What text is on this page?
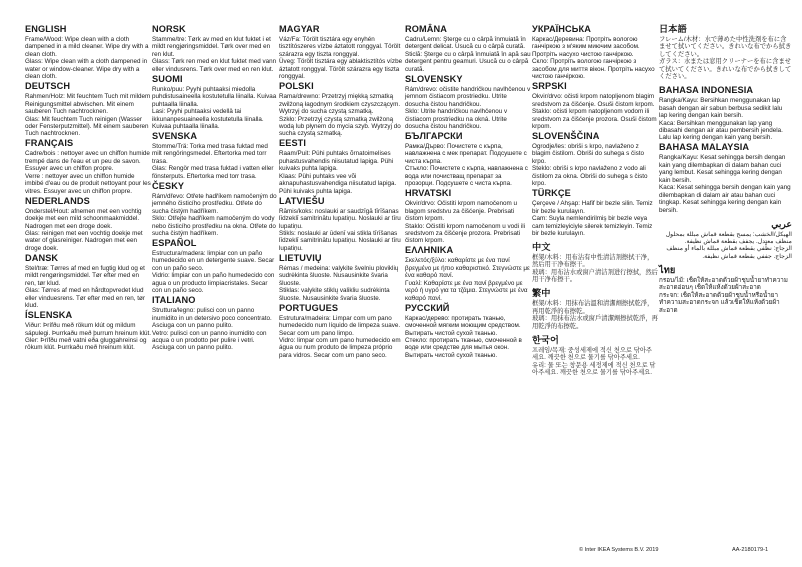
ENGLISH

Frame/Wood: Wipe clean with a cloth dampened in a mild cleaner. Wipe dry with a clean cloth.
Glass: Wipe clean with a cloth dampened in water or window-cleaner. Wipe dry with a clean cloth.

DEUTSCH

Rahmen/Holz: Mit feuchtem Tuch mit mildem Reinigungsmittel abwischen. Mit einem sauberen Tuch nachtrocknen.
Glas: Mit feuchtem Tuch reinigen (Wasser oder Fensterputzmittel). Mit einem sauberen Tuch nachtrocknen.

FRANÇAIS

Cadre/bois : nettoyer avec un chiffon humide trempé dans de l'eau et un peu de savon. Essuyer avec un chiffon propre.
Verre : nettoyer avec un chiffon humide imbibé d'eau ou de produit nettoyant pour les vitres. Essuyer avec un chiffon propre.

NEDERLANDS

Onderstel/Hout: afnemen met een vochtig doekje met een mild schoonmaakmiddel. Nadrogen met een droge doek.
Glas: reinigen met een vochtig doekje met water of glasreiniger. Nadrogen met een droge doek.

DANSK

Stel/træ: Tørres af med en fugtig klud og et mildt rengøringsmiddel. Tør efter med en ren, tør klud.
Glas: Tørres af med en hårdtopvredet klud eller vinduesrens. Tør efter med en ren, tør klud.

ÍSLENSKA

Viður: Þrífðu með rökum klút og mildum sápulegi. Þurrkaðu með þurrum hreinum klút.
Gler: Þrífðu með vatni eða gluggahreinsi og rökum klút. Þurrkaðu með hreinum klút.

NORSK

Stamme/tre: Tørk av med en klut fuktet i et mildt rengjøringsmiddel. Tørk over med en ren klut.
Glass: Tørk ren med en klut fuktet med vann eller vindusrens. Tørk over med en ren klut.

SUOMI

Runko/puu: Pyyhi puhtaaksi miedolla puhdistusaineella kostutetulla liinalla. Kuivaa puhtaalla liinalla.
Lasi: Pyyhi puhtaaksi vedellä tai ikkunanpesuaineella kostutetulla liinalla. Kuivaa puhtaalla liinalla.

SVENSKA

Stomme/Trä: Torka med trasa fuktad med milt rengöringsmedel. Eftertorka med torr trasa.
Glas: Rengör med trasa fuktad i vatten eller fönsterputs. Eftertorka med torr trasa.

ČESKY

Rám/dřevo: Otřete hadříkem namočeným do jemného čisticího prostředku. Otřete do sucha čistým hadříkem.
Sklo: Otřejte hadříkem namočeným do vody nebo čisticího prostředku na okna. Otřete do sucha čistým hadříkem.

ESPAÑOL

Estructura/madera: limpiar con un paño humedecido en un detergente suave. Secar con un paño seco.
Vidrio: limpiar con un paño humedecido con agua o un producto limpiacristales. Secar con un paño seco.

ITALIANO

Struttura/legno: pulisci con un panno inumidito in un detersivo poco concentrato. Asciuga con un panno pulito.
Vetro: pulisci con un panno inumidito con acqua o un prodotto per pulire i vetri. Asciuga con un panno pulito.

MAGYAR

Váz/Fa: Törölt tisztára egy enyhén tisztítószeres vízbe áztatott ronggyal. Törölt szárazra egy tiszta ronggyal.
Üveg: Törölt tisztára egy ablaktisztítós vízbe áztatott ronggyal. Törölt szárazra egy tiszta ronggyal.

POLSKI

Rama/drewno: Przetrzyj miękką szmatką zwilżoną łagodnym środkiem czyszczącym. Wytrzyj do sucha czystą szmatką.
Szkło: Przetrzyj czystą szmatką zwilżoną wodą lub płynem do mycia szyb. Wytrzyj do sucha czystą szmatką.

EESTI

Raam/Puit: Pühi puhtaks õrnatoimelises puhastusvahendis niisutatud lapiga. Pühi kuivaks puhta lapiga.
Klaas: Pühi puhtaks vee või aknapuhastusvahendiga niisutatud lapiga. Pühi kuivaks puhta lapiga.

LATVIEŠU

Rāmis/koks: noslauki ar saudzīgā tīrīšanas līdzeklī samitrinātu lupatiņu. Noslauki ar tīru lupatiņu.
Stikls: noslauki ar ūdenī vai stikla tīrīšanas līdzeklī samitrinātu lupatiņu. Noslauki ar tīru lupatiņu.

LIETUVIŲ

Rėmas / medeina: valykite švelniu ploviklių sudrėkinta šluoste. Nusausinkite švaria šluoste.
Stiklas: valykite stiklų valikliu sudrėkinta šluoste. Nusausinkite švaria šluoste.

PORTUGUES

Estrutura/madeira: Limpar com um pano humedecido num líquido de limpeza suave. Secar com um pano limpo.
Vidro: limpar com um pano humedecido em água ou num produto de limpeza próprio para vidros. Secar com um pano seco.

ROMÂNA

Cadru/Lemn: Şterge cu o cârpă înmuiată în detergent delicat. Usucă cu o cârpă curată.
Sticlă: Şterge cu o cârpă înmuiată în apă sau detergent pentru geamuri. Usucă cu o cârpă curată.

SLOVENSKY

Rám/drevo: očistite handričkou navlhčenou v jemnom čistiacom prostriedku. Utrite dosucha čistou handričkou.
Sklo: Utrite handričkou navlhčenou v čistiacom prostriedku na okná. Utrite dosucha čistou handričkou.

БЪЛГАРСКИ

Рамка/Дърво: Почистете с кърпа, навлажнена с мек препарат. Подсушете с чиста кърпа.
Стъкло: Почистете с кърпа, навлажнена с вода или почистващ препарат за прозорци. Подсушете с чиста кърпа.

HRVATSKI

Okvir/drvo: Očistiti krpom namočenom u blagom sredstvu za čišćenje. Prebrisati čistom krpom.
Staklo: Očistiti krpom namočenom u vodi ili sredstvom za čišćenje prozora. Prebrisati čistom krpom.

ΕΛΛΗΝΙΚΑ

Σκελετός/ξύλο: καθαρίστε με ένα πανί βρεγμένο με ήπιο καθαριστικό. Στεγνώστε με ένα καθαρό πανί.
Γυαλί: Καθαρίστε με ένα πανί βρεγμένο με νερό ή υγρό για τα τζάμια. Στεγνώστε με ένα καθαρό πανί.

РУССКИЙ

Каркас/дерево: протирать тканью, смоченной мягким моющим средством. Вытирать чистой сухой тканью.
Стекло: протирать тканью, смоченной в воде или средстве для мытья окон. Вытирать чистой сухой тканью.

УКРАЇНСЬКА

Каркас/Деревина: Протріть вологою ганчіркою з м'яким миючим засобом. Протріть насухо чистою ганчіркою.
Скло: Протріть вологою ганчіркою з засобом для миття вікон. Протріть насухо чистою ганчіркою.

SRPSKI

Okvir/drvo: očisti krpom natopljenom blagim sredstvom za čišćenje. Osuši čistom krpom.
Staklo: očisti krpom natopljenom vodom ili sredstvom za čišćenje prozora. Osuši čistom krpom.

SLOVENŠČINA

Ogrodje/les: obriši s krpo, navlaženo z blagim čistilom. Obriši do suhega s čisto krpo.
Steklo: obriši s krpo navlaženo z vodo ali čistilom za okna. Obriši do suhega s čisto krpo.

TÜRKÇE

Çerçeve / Ahşap: Hafif bir bezle silin. Temiz bir bezle kurulayın.
Cam: Suyla nemlendirilmiş bir bezle veya cam temizleyiciyle silerek temizleyin. Temiz bir bezle kurulayın.

中文

框架/木料：用布沾有中性清洁剂擦拭干净，然后用干净布擦干。
玻璃：用布沾水或窗户清洁剂进行擦拭，然后用干净布擦干。

繁中

框架/木料：用抹布沾溫和清潔劑擦拭乾淨，再用乾淨的布擦乾。
玻璃：用抹布沾水或窗戶清潔劑擦拭乾淨，再用乾淨的布擦乾。

한국어

프레임/목재: 중성세제에 적신 천으로 닦아주세요. 깨끗한 천으로 물기를 닦아주세요.
유리: 물 또는 창문용 세정제에 적신 천으로 닦아주세요. 깨끗한 천으로 물기를 닦아주세요.

日本語

フレーム/木材：水で薄めた中性洗剤を布に含ませて拭いてください。きれいな布でから拭きしてください。
ガラス：水または窓用クリーナーを布に含ませて拭いてください。きれいな布でから拭きしてください。

BAHASA INDONESIA

Rangka/Kayu: Bersihkan menggunakan lap basah dengan air sabun berbusa sedikit lalu lap kering dengan kain bersih.
Kaca: Bersihkan menggunakan lap yang dibasahi dengan air atau pembersih jendela. Lalu lap kering dengan kain yang bersih.

BAHASA MALAYSIA

Rangka/Kayu: Kesat sehingga bersih dengan kain yang dilembapkan di dalam bahan cuci yang lembut. Kesat sehingga kering dengan kain bersih.
Kaca: Kesat sehingga bersih dengan kain yang dilembapkan di dalam air atau bahan cuci tingkap. Kesat sehingga kering dengan kain bersih.

عربي

الهيكل/الخشب: يمسح بقطعة قماش مبللة بمحلول منظف معتدل. يجفف بقطعة قماش نظيفة.
الزجاج: نظّفي بقطعة قماش مبللة بالماء أو منظف الزجاج. جففي بقطعة قماش نظيفة.

ไทย

กรอบ/ไม้: เช็ดให้สะอาดด้วยผ้าชุบน้ำยาทำความสะอาดอ่อนๆ เช็ดให้แห้งด้วยผ้าสะอาด
กระจก: เช็ดให้สะอาดด้วยผ้าชุบน้ำหรือน้ำยาทำความสะอาดกระจก แล้วเช็ดให้แห้งด้วยผ้าสะอาด

© Inter IKEA Systems B.V. 2019	AA-2180179-1
